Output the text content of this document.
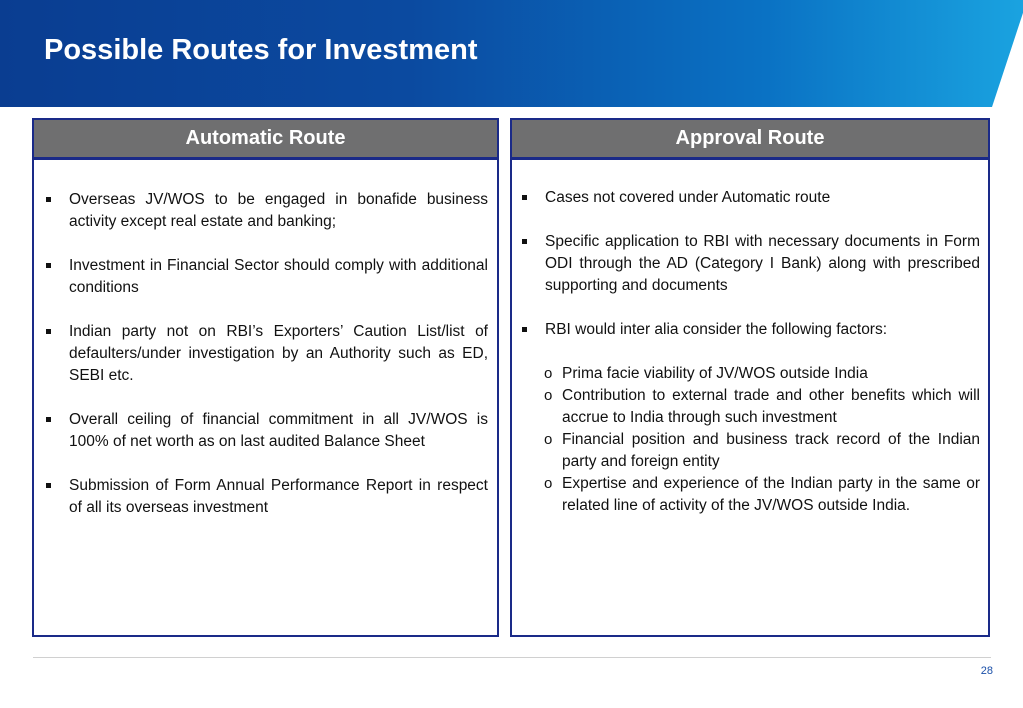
Possible Routes for Investment
Automatic Route
Overseas JV/WOS to be engaged in bonafide business activity except real estate and banking;
Investment in Financial Sector should comply with additional conditions
Indian party not on RBI’s Exporters’ Caution List/list of defaulters/under investigation by an Authority such as ED, SEBI etc.
Overall ceiling of financial commitment in all JV/WOS is 100% of net worth as on last audited Balance Sheet
Submission of Form Annual Performance Report in respect of all its overseas investment
Approval Route
Cases not covered under Automatic route
Specific application to RBI with necessary documents in Form ODI through the AD (Category I Bank) along with prescribed supporting and documents
RBI would inter alia consider the following factors:
o Prima facie viability of JV/WOS outside India
o Contribution to external trade and other benefits which will accrue to India through such investment
o Financial position and business track record of the Indian party and foreign entity
o Expertise and experience of the Indian party in the same or related line of activity of the JV/WOS outside India.
28
